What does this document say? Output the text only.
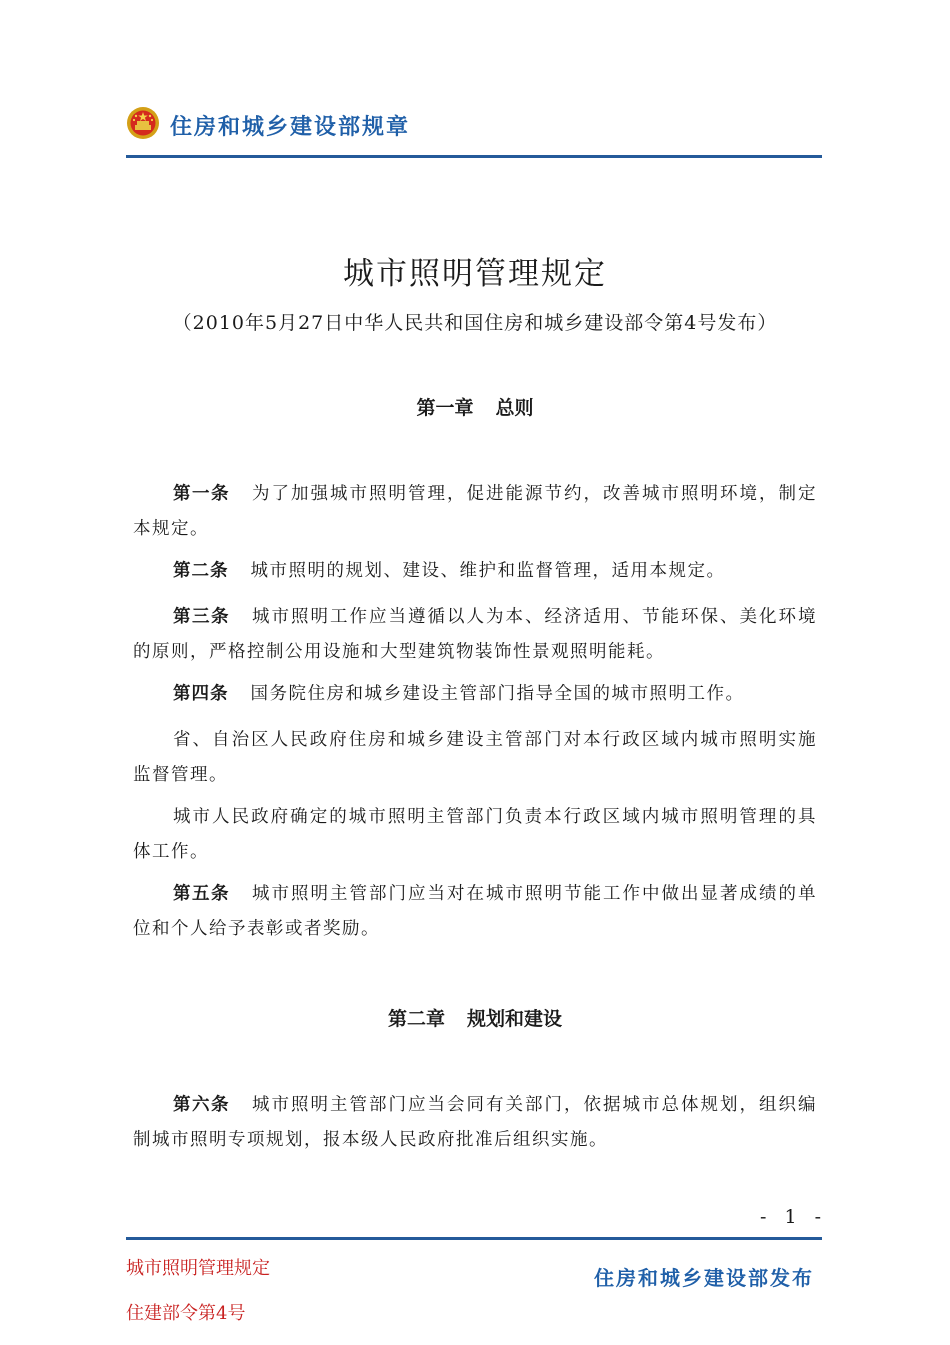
住房和城乡建设部规章
城市照明管理规定
（2010年5月27日中华人民共和国住房和城乡建设部令第4号发布）
第一章 总则
第一条 为了加强城市照明管理，促进能源节约，改善城市照明环境，制定本规定。
第二条 城市照明的规划、建设、维护和监督管理，适用本规定。
第三条 城市照明工作应当遵循以人为本、经济适用、节能环保、美化环境的原则，严格控制公用设施和大型建筑物装饰性景观照明能耗。
第四条 国务院住房和城乡建设主管部门指导全国的城市照明工作。
省、自治区人民政府住房和城乡建设主管部门对本行政区域内城市照明实施监督管理。
城市人民政府确定的城市照明主管部门负责本行政区域内城市照明管理的具体工作。
第五条 城市照明主管部门应当对在城市照明节能工作中做出显著成绩的单位和个人给予表彰或者奖励。
第二章 规划和建设
第六条 城市照明主管部门应当会同有关部门，依据城市总体规划，组织编制城市照明专项规划，报本级人民政府批准后组织实施。
- 1 -
城市照明管理规定
住建部令第4号
住房和城乡建设部发布
